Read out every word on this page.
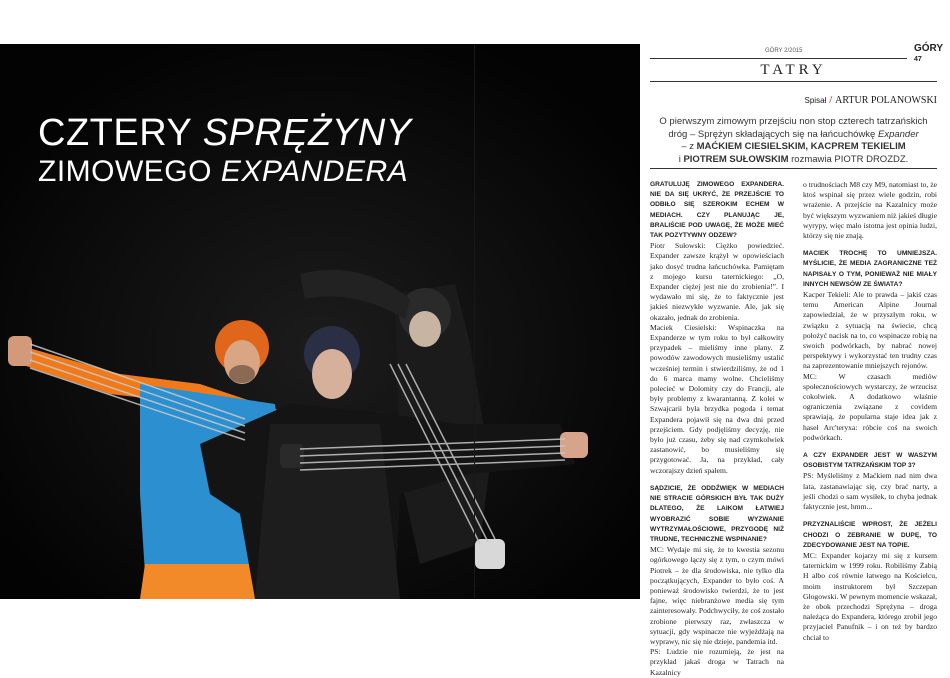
CZTERY SPRĘŻYNY
ZIMOWEGO EXPANDERA
GÓRY 2/2015	GÓRY
47
TATRY
Spisał / ARTUR POLANOWSKI
O pierwszym zimowym przejściu non stop czterech tatrzańskich
dróg – Sprężyn składających się na łańcuchówkę Expander
– z MAĆKIEM CIESIELSKIM, KACPREM TEKIELIM
i PIOTREM SUŁOWSKIM rozmawia PIOTR DROZDZ.

GRATULUJĘ ZIMOWEGO EXPANDERA. NIE DA SIĘ UKRYĆ, ŻE PRZEJŚCIE TO ODBIŁO SIĘ SZEROKIM ECHEM W MEDIACH. CZY PLANUJĄC JE, BRALIŚCIE POD UWAGĘ, ŻE MOŻE MIEĆ TAK POZYTYWNY ODZEW?

Piotr Sułowski: Ciężko powiedzieć. Expander zawsze krążył w opowieściach jako dosyć trudna łańcuchówka. Pamiętam z mojego kursu taternickiego: „O, Expander ciężej jest nie do zrobienia!”. I wydawało mi się, że to faktycznie jest jakieś niezwykłe wyzwanie. Ale, jak się okazało, jednak do zrobienia.

Maciek Ciesielski: Wspinaczka na Expanderze w tym roku to był całkowity przypadek – mieliśmy inne plany. Z powodów zawodowych musieliśmy ustalić wcześniej termin i stwierdziliśmy, że od 1 do 6 marca mamy wolne. Chcieliśmy polecieć w Dolomity czy do Francji, ale były problemy z kwarantanną. Z kolei w Szwajcarii była brzydka pogoda i temat Expandera pojawił się na dwa dni przed przejściem. Gdy podjęliśmy decyzję, nie było już czasu, żeby się nad czymkolwiek zastanowić, bo musieliśmy się przygotować. Ja, na przykład, cały wczorajszy dzień spałem.

SĄDZICIE, ŻE ODDŹWIĘK W MEDIACH NIE STRACIE GÓRSKICH BYŁ TAK DUŻY DLATEGO, ŻE LAIKOM ŁATWIEJ WYOBRAZIĆ SOBIE WYZWANIE WYTRZYMAŁOŚCIOWE, PRZYGODĘ NIŻ TRUDNE, TECHNICZNE WSPINANIE?

MC: Wydaje mi się, że to kwestia sezonu ogórkowego łączy się z tym, o czym mówi Piotrek – że dla środowiska, nie tylko dla początkujących, Expander to było coś. A ponieważ środowisko twierdzi, że to jest fajne, więc niebranżowe media się tym zainteresowały. Podchwyciły, że coś zostało zrobione pierwszy raz, zwłaszcza w sytuacji, gdy wspinacze nie wyjeżdżają na wyprawy, nic się nie dzieje, pandemia itd.

PS: Ludzie nie rozumieją, że jest na przykład jakaś droga w Tatrach na Kazalnicy

o trudnościach M8 czy M9, natomiast to, że ktoś wspinał się przez wiele godzin, robi wrażenie. A przejście na Kazalnicy może być większym wyzwaniem niż jakieś długie wyrypy, więc mało istotna jest opinia ludzi, którzy się nie znają.

MACIEK TROCHĘ TO UMNIEJSZA. MYŚLICIE, ŻE MEDIA ZAGRANICZNE TEŻ NAPISAŁY O TYM, PONIEWAŻ NIE MIAŁY INNYCH NEWSÓW ZE ŚWIATA?

Kacper Tekieli: Ale to prawda – jakiś czas temu American Alpine Journal zapowiedział, że w przyszłym roku, w związku z sytuacją na świecie, chcą położyć nacisk na to, co wspinacze robią na swoich podwórkach, by nabrać nowej perspektywy i wykorzystać ten trudny czas na zaprezentowanie mniejszych rejonów.

MC: W czasach mediów społecznościowych wystarczy, że wrzucisz cokolwiek. A dodatkowo właśnie ograniczenia związane z covidem sprawiają, że popularna staje idea jak z haseł Arc'teryxa: róbcie coś na swoich podwórkach.

A CZY EXPANDER JEST W WASZYM OSOBISTYM TATRZAŃSKIM TOP 3?

PS: Myśleliśmy z Maćkiem nad nim dwa lata, zastanawiając się, czy brać narty, a jeśli chodzi o sam wysiłek, to chyba jednak faktycznie jest, hmm...

PRZYZNALIŚCIE WPROST, ŻE JEŻELI CHODZI O ZEBRANIE W DUPĘ, TO ZDECYDOWANIE JEST NA TOPIE.

MC: Expander kojarzy mi się z kursem taternickim w 1999 roku. Robiliśmy Żabią H albo coś równie łatwego na Kościelcu, moim instruktorem był Szczepan Głogowski. W pewnym momencie wskazał, że obok przechodzi Sprężyna – droga należąca do Expandera, którego zrobił jego przyjaciel Panufnik – i on też by bardzo chciał to
